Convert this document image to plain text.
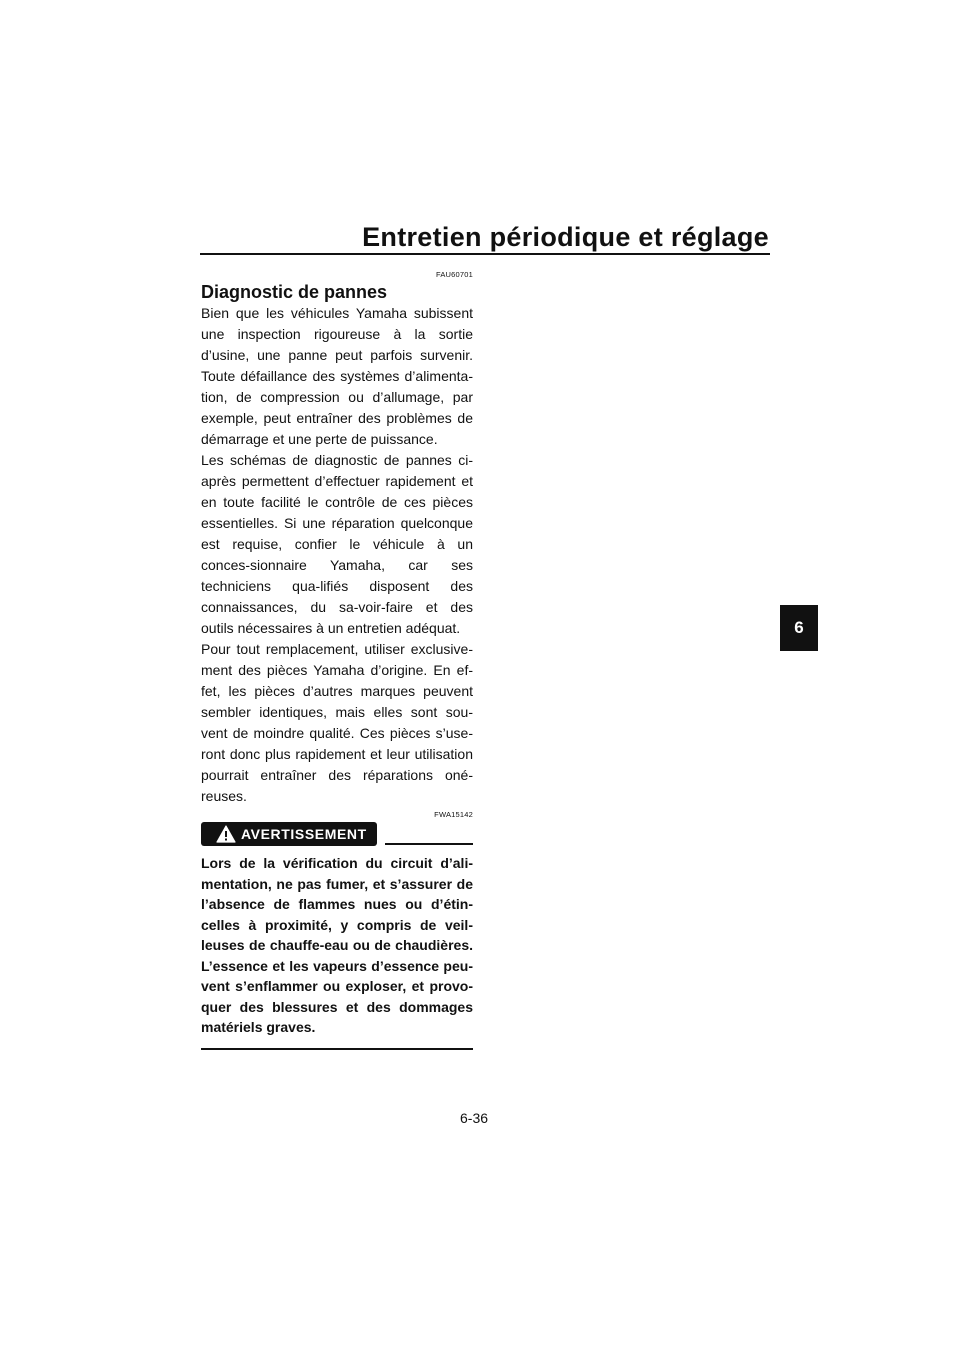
Entretien périodique et réglage
6
FAU60701
Diagnostic de pannes

Bien que les véhicules Yamaha subissent une inspection rigoureuse à la sortie d’usine, une panne peut parfois survenir. Toute défaillance des systèmes d’alimenta-tion, de compression ou d’allumage, par exemple, peut entraîner des problèmes de démarrage et une perte de puissance.

Les schémas de diagnostic de pannes ci-après permettent d’effectuer rapidement et en toute facilité le contrôle de ces pièces essentielles. Si une réparation quelconque est requise, confier le véhicule à un conces-sionnaire Yamaha, car ses techniciens qua-lifiés disposent des connaissances, du sa-voir-faire et des outils nécessaires à un entretien adéquat.

Pour tout remplacement, utiliser exclusive-ment des pièces Yamaha d’origine. En ef-fet, les pièces d’autres marques peuvent sembler identiques, mais elles sont sou-vent de moindre qualité. Ces pièces s’use-ront donc plus rapidement et leur utilisation pourrait entraîner des réparations oné-reuses.

FWA15142
AVERTISSEMENT

Lors de la vérification du circuit d’ali-mentation, ne pas fumer, et s’assurer de l’absence de flammes nues ou d’étin-celles à proximité, y compris de veil-leuses de chauffe-eau ou de chaudières. L’essence et les vapeurs d’essence peu-vent s’enflammer ou exploser, et provo-quer des blessures et des dommages matériels graves.

6-36
